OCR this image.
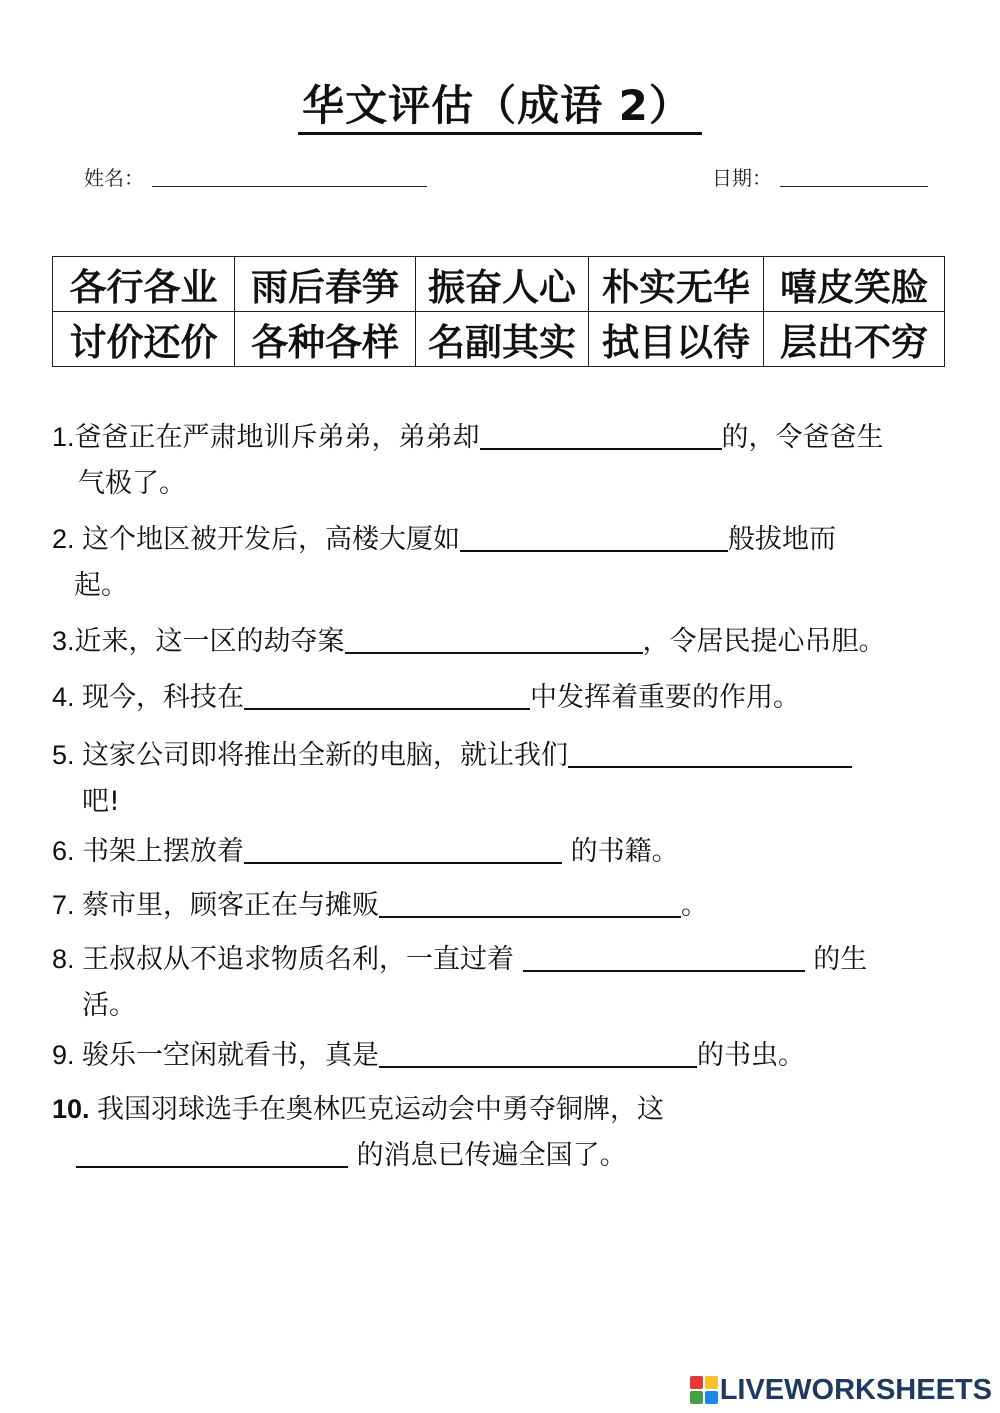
华文评估（成语 2）
姓名：	日期：
各行各业	雨后春笋	振奋人心	朴实无华	嘻皮笑脸
讨价还价	各种各样	名副其实	拭目以待	层出不穷
1.爸爸正在严肃地训斥弟弟，弟弟却	的，令爸爸生
气极了。
2. 这个地区被开发后，高楼大厦如	般拔地而
起。
3.近来，这一区的劫夺案	，令居民提心吊胆。
4. 现今，科技在	中发挥着重要的作用。
5. 这家公司即将推出全新的电脑，就让我们
吧!
6. 书架上摆放着	的书籍。
7. 蔡市里，顾客正在与摊贩	。
8. 王叔叔从不追求物质名利，一直过着	的生
活。
9. 骏乐一空闲就看书，真是	的书虫。
10. 我国羽球选手在奥林匹克运动会中勇夺铜牌，这
的消息已传遍全国了。
LIVEWORKSHEETS
